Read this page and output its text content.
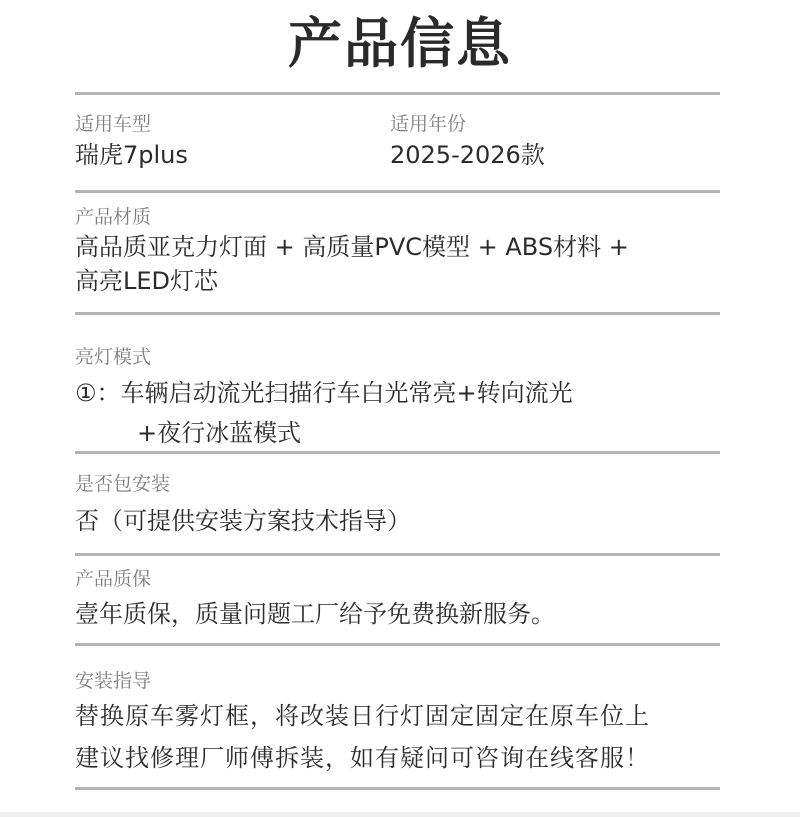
产品信息
适用车型
瑞虎7plus
适用年份
2025-2026款
产品材质
高品质亚克力灯面 + 高质量PVC模型 + ABS材料 +
高亮LED灯芯
亮灯模式
①：车辆启动流光扫描行车白光常亮+转向流光
+夜行冰蓝模式
是否包安装
否（可提供安装方案技术指导）
产品质保
壹年质保，质量问题工厂给予免费换新服务。
安装指导
替换原车雾灯框，将改装日行灯固定固定在原车位上
建议找修理厂师傅拆装，如有疑问可咨询在线客服！
